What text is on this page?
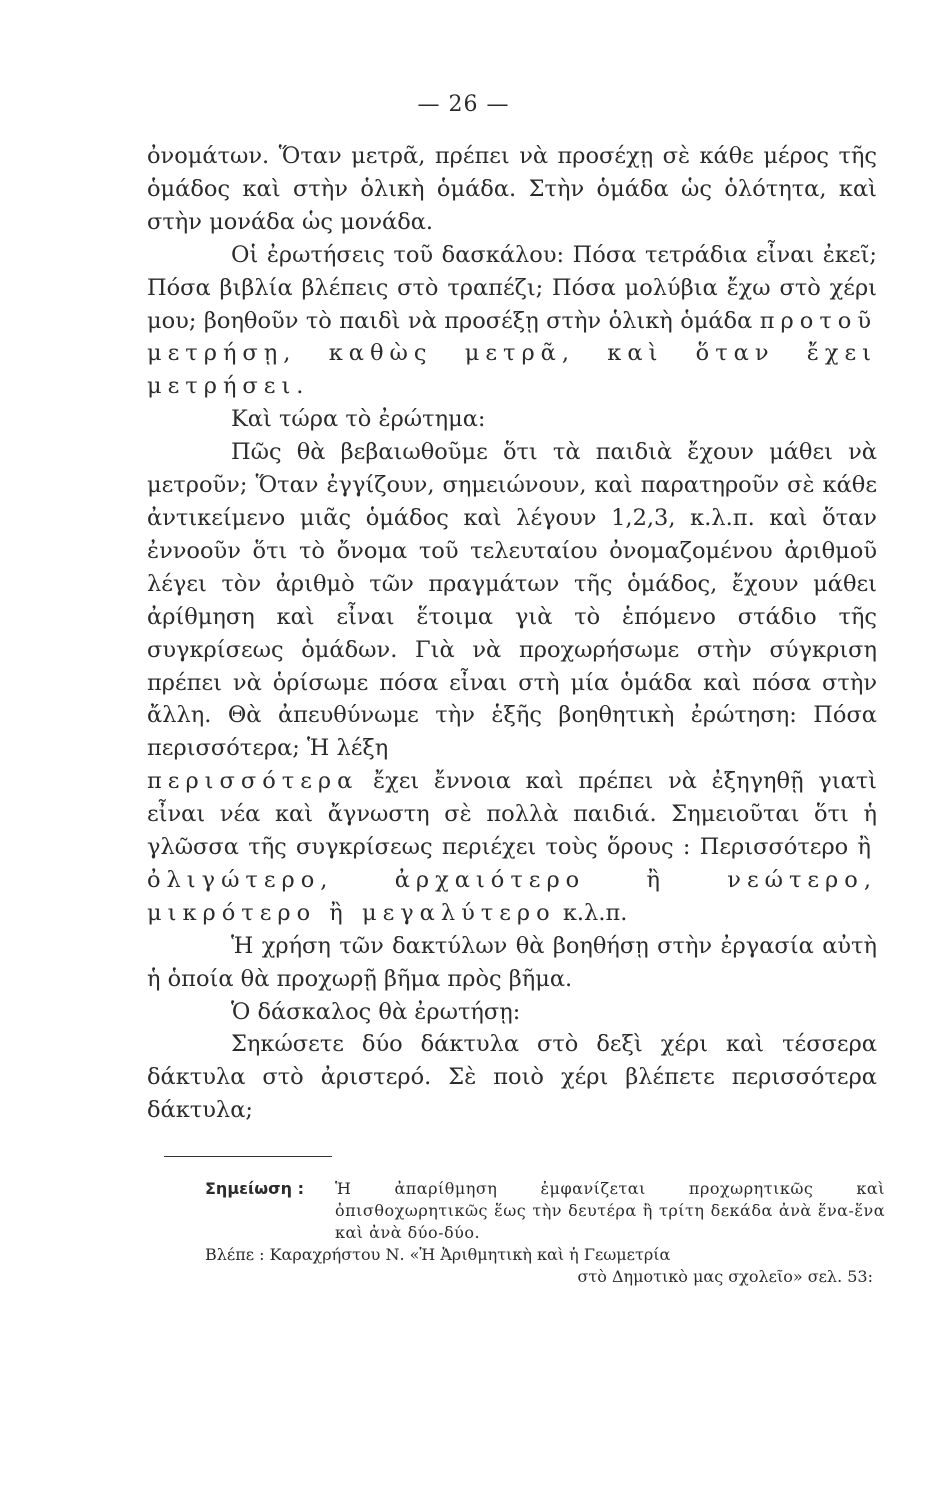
— 26 —

ὀνομάτων. Ὅταν μετρᾶ, πρέπει νὰ προσέχῃ σὲ κάθε μέρος τῆς ὁμάδος καὶ στὴν ὁλικὴ ὁμάδα. Στὴν ὁμάδα ὡς ὁλότητα, καὶ στὴν μονάδα ὡς μονάδα.

Οἱ ἐρωτήσεις τοῦ δασκάλου: Πόσα τετράδια εἶναι ἐκεῖ; Πόσα βιβλία βλέπεις στὸ τραπέζι; Πόσα μολύβια ἔχω στὸ χέρι μου; βοηθοῦν τὸ παιδὶ νὰ προσέξῃ στὴν ὁλικὴ ὁμάδα προτοῦ μετρήσῃ, καθὼς μετρᾶ, καὶ ὅταν ἔχει μετρήσει.

Καὶ τώρα τὸ ἐρώτημα:

Πῶς θὰ βεβαιωθοῦμε ὅτι τὰ παιδιὰ ἔχουν μάθει νὰ μετροῦν; Ὅταν ἐγγίζουν, σημειώνουν, καὶ παρατηροῦν σὲ κάθε ἀντικείμενο μιᾶς ὁμάδος καὶ λέγουν 1,2,3, κ.λ.π. καὶ ὅταν ἐννοοῦν ὅτι τὸ ὄνομα τοῦ τελευταίου ὀνομαζομένου ἀριθμοῦ λέγει τὸν ἀριθμὸ τῶν πραγμάτων τῆς ὁμάδος, ἔχουν μάθει ἀρίθμηση καὶ εἶναι ἕτοιμα γιὰ τὸ ἑπόμενο στάδιο τῆς συγκρίσεως ὁμάδων. Γιὰ νὰ προχωρήσωμε στὴν σύγκριση πρέπει νὰ ὁρίσωμε πόσα εἶναι στὴ μία ὁμάδα καὶ πόσα στὴν ἄλλη. Θὰ ἀπευθύνωμε τὴν ἑξῆς βοηθητικὴ ἐρώτηση: Πόσα περισσότερα; Ἡ λέξη

περισσότερα ἔχει ἔννοια καὶ πρέπει νὰ ἐξηγηθῇ γιατὶ εἶναι νέα καὶ ἄγνωστη σὲ πολλὰ παιδιά. Σημειοῦται ὅτι ἡ γλῶσσα τῆς συγκρίσεως περιέχει τοὺς ὅρους : Περισσότερο ἢ ὀλιγώτερο, ἀρχαιότερο ἢ νεώτερο, μικρότερο ἢ μεγαλύτερο κ.λ.π.

Ἡ χρήση τῶν δακτύλων θὰ βοηθήσῃ στὴν ἐργασία αὐτὴ ἡ ὁποία θὰ προχωρῇ βῆμα πρὸς βῆμα.

Ὁ δάσκαλος θὰ ἐρωτήσῃ:

Σηκώσετε δύο δάκτυλα στὸ δεξὶ χέρι καὶ τέσσερα δάκτυλα στὸ ἀριστερό. Σὲ ποιὸ χέρι βλέπετε περισσότερα δάκτυλα;

Σημείωση :	Ἡ ἀπαρίθμηση ἐμφανίζεται προχωρητικῶς καὶ ὀπισθοχωρητικῶς ἕως τὴν δευτέρα ἢ τρίτη δεκάδα ἀνὰ ἕνα-ἕνα καὶ ἀνὰ δύο-δύο.
Βλέπε : Καραχρήστου Ν. «Ἡ Ἀριθμητικὴ καὶ ἡ Γεωμετρία
στὸ Δημοτικὸ μας σχολεῖο» σελ. 53:
